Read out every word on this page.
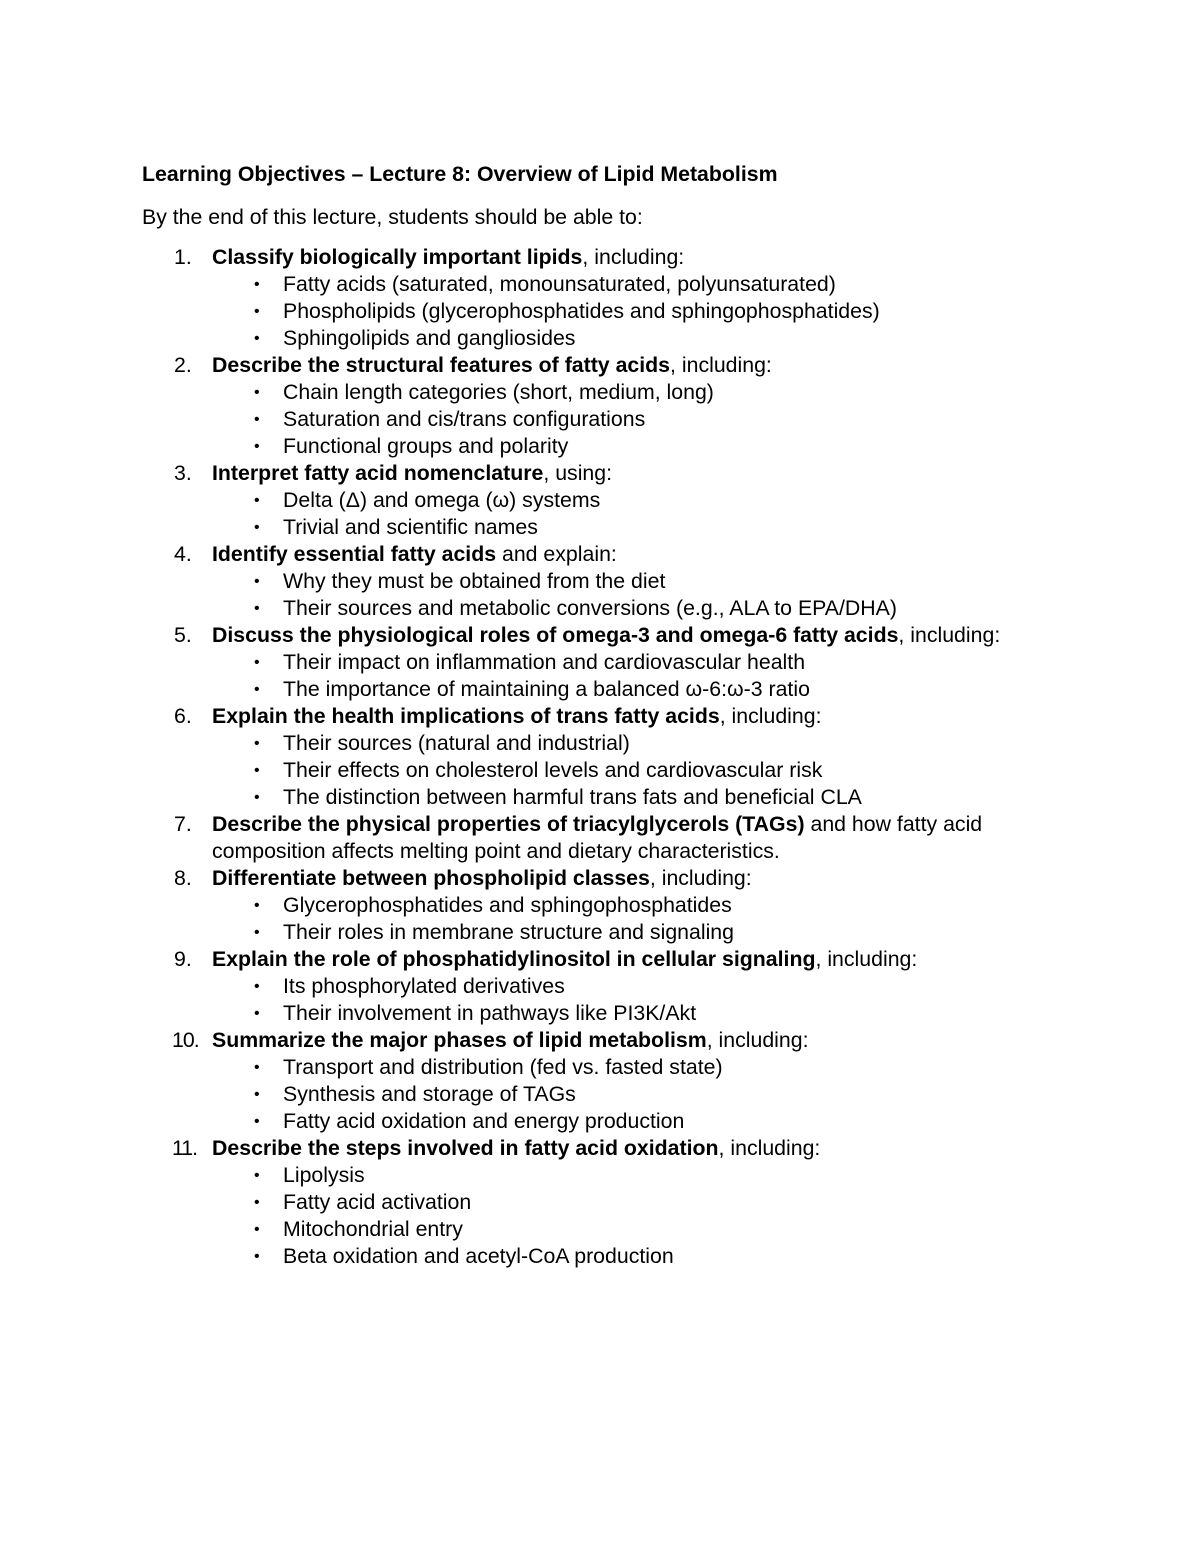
Learning Objectives – Lecture 8: Overview of Lipid Metabolism

By the end of this lecture, students should be able to:

1. Classify biologically important lipids, including:
•	Fatty acids (saturated, monounsaturated, polyunsaturated)
•	Phospholipids (glycerophosphatides and sphingophosphatides)
•	Sphingolipids and gangliosides
2. Describe the structural features of fatty acids, including:
•	Chain length categories (short, medium, long)
•	Saturation and cis/trans configurations
•	Functional groups and polarity
3. Interpret fatty acid nomenclature, using:
•	Delta (Δ) and omega (ω) systems
•	Trivial and scientific names
4. Identify essential fatty acids and explain:
•	Why they must be obtained from the diet
•	Their sources and metabolic conversions (e.g., ALA to EPA/DHA)
5. Discuss the physiological roles of omega-3 and omega-6 fatty acids, including:
•	Their impact on inflammation and cardiovascular health
•	The importance of maintaining a balanced ω-6:ω-3 ratio
6. Explain the health implications of trans fatty acids, including:
•	Their sources (natural and industrial)
•	Their effects on cholesterol levels and cardiovascular risk
•	The distinction between harmful trans fats and beneficial CLA
7. Describe the physical properties of triacylglycerols (TAGs) and how fatty acid composition affects melting point and dietary characteristics.
8. Differentiate between phospholipid classes, including:
•	Glycerophosphatides and sphingophosphatides
•	Their roles in membrane structure and signaling
9. Explain the role of phosphatidylinositol in cellular signaling, including:
•	Its phosphorylated derivatives
•	Their involvement in pathways like PI3K/Akt
10. Summarize the major phases of lipid metabolism, including:
•	Transport and distribution (fed vs. fasted state)
•	Synthesis and storage of TAGs
•	Fatty acid oxidation and energy production
11. Describe the steps involved in fatty acid oxidation, including:
•	Lipolysis
•	Fatty acid activation
•	Mitochondrial entry
•	Beta oxidation and acetyl-CoA production
